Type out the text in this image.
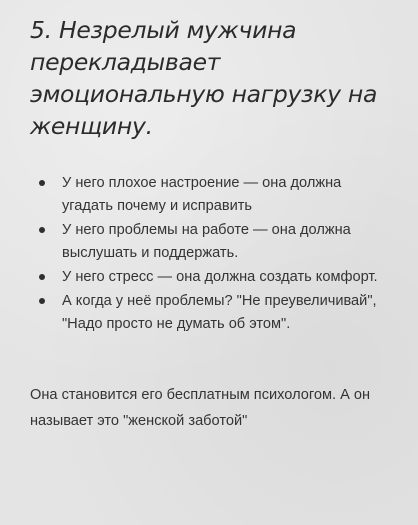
5. Незрелый мужчина перекладывает эмоциональную нагрузку на женщину.
У него плохое настроение — она должна угадать почему и исправить
У него проблемы на работе — она должна выслушать и поддержать.
У него стресс — она должна создать комфорт.
А когда у неё проблемы? "Не преувеличивай", "Надо просто не думать об этом".

Она становится его бесплатным психологом. А он называет это "женской заботой"
